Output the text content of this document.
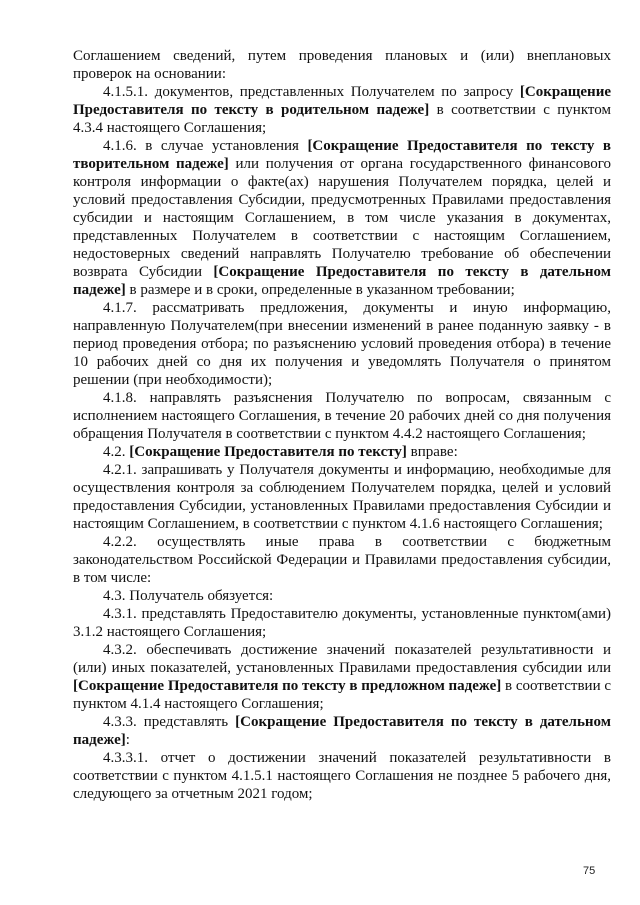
Соглашением сведений, путем проведения плановых и (или) внеплановых проверок на основании:

4.1.5.1. документов, представленных Получателем по запросу [Сокращение Предоставителя по тексту в родительном падеже] в соответствии с пунктом 4.3.4 настоящего Соглашения;

4.1.6. в случае установления [Сокращение Предоставителя по тексту в творительном падеже] или получения от органа государственного финансового контроля информации о факте(ах) нарушения Получателем порядка, целей и условий предоставления Субсидии, предусмотренных Правилами предоставления субсидии и настоящим Соглашением, в том числе указания в документах, представленных Получателем в соответствии с настоящим Соглашением, недостоверных сведений направлять Получателю требование об обеспечении возврата Субсидии [Сокращение Предоставителя по тексту в дательном падеже] в размере и в сроки, определенные в указанном требовании;

4.1.7. рассматривать предложения, документы и иную информацию, направленную Получателем(при внесении изменений в ранее поданную заявку - в период проведения отбора; по разъяснению условий проведения отбора) в течение 10 рабочих дней со дня их получения и уведомлять Получателя о принятом решении (при необходимости);

4.1.8. направлять разъяснения Получателю по вопросам, связанным с исполнением настоящего Соглашения, в течение 20 рабочих дней со дня получения обращения Получателя в соответствии с пунктом 4.4.2 настоящего Соглашения;

4.2. [Сокращение Предоставителя по тексту] вправе:

4.2.1. запрашивать у Получателя документы и информацию, необходимые для осуществления контроля за соблюдением Получателем порядка, целей и условий предоставления Субсидии, установленных Правилами предоставления Субсидии и настоящим Соглашением, в соответствии с пунктом 4.1.6 настоящего Соглашения;

4.2.2. осуществлять иные права в соответствии с бюджетным законодательством Российской Федерации и Правилами предоставления субсидии, в том числе:

4.3. Получатель обязуется:

4.3.1. представлять Предоставителю документы, установленные пунктом(ами) 3.1.2 настоящего Соглашения;

4.3.2. обеспечивать достижение значений показателей результативности и (или) иных показателей, установленных Правилами предоставления субсидии или [Сокращение Предоставителя по тексту в предложном падеже] в соответствии с пунктом 4.1.4 настоящего Соглашения;

4.3.3. представлять [Сокращение Предоставителя по тексту в дательном падеже]:

4.3.3.1. отчет о достижении значений показателей результативности в соответствии с пунктом 4.1.5.1 настоящего Соглашения не позднее 5 рабочего дня, следующего за отчетным 2021 годом;

75
